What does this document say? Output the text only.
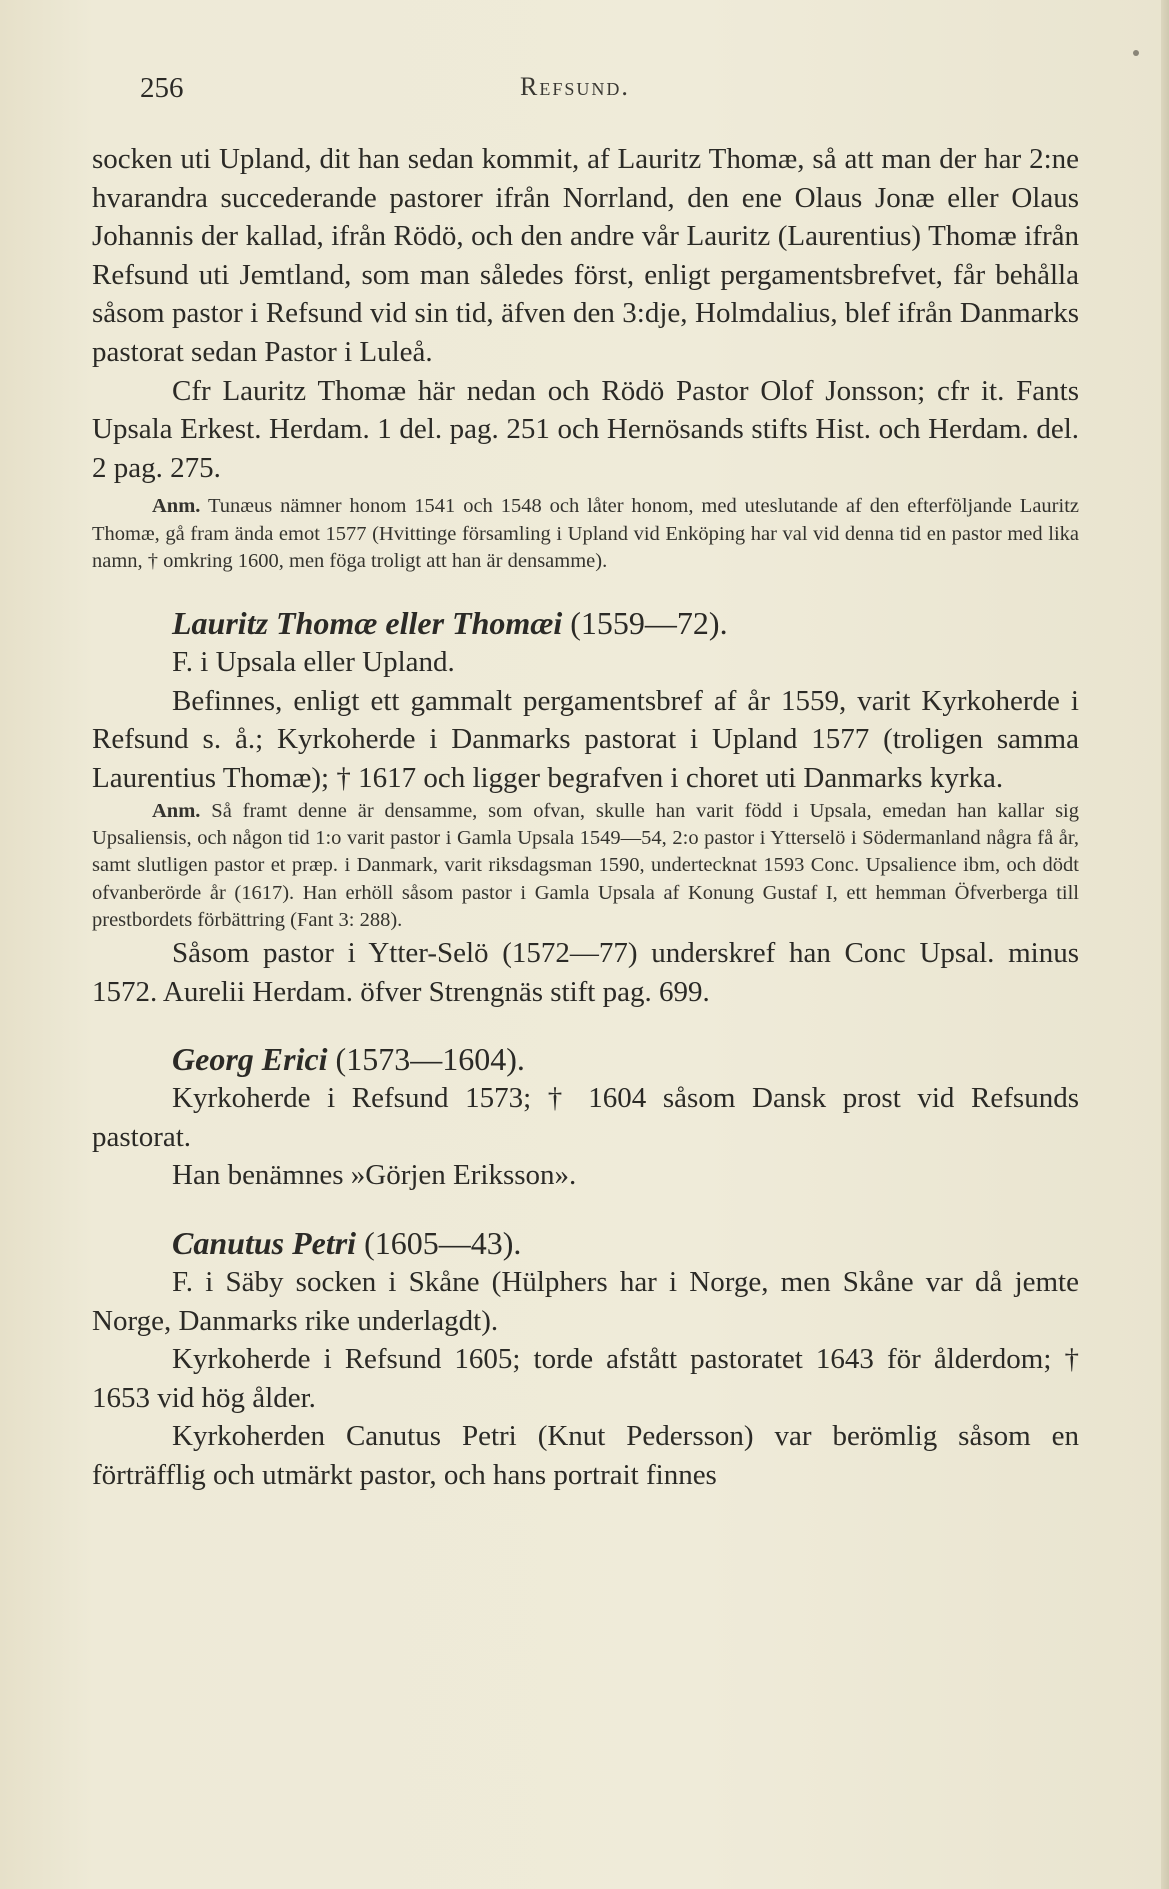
256	Refsund.

socken uti Upland, dit han sedan kommit, af Lauritz Thomæ, så att man der har 2:ne hvarandra succederande pastorer ifrån Norrland, den ene Olaus Jonæ eller Olaus Johannis der kallad, ifrån Rödö, och den andre vår Lauritz (Laurentius) Thomæ ifrån Refsund uti Jemtland, som man således först, enligt pergamentsbrefvet, får behålla såsom pastor i Refsund vid sin tid, äfven den 3:dje, Holmdalius, blef ifrån Danmarks pastorat sedan Pastor i Luleå.

Cfr Lauritz Thomæ här nedan och Rödö Pastor Olof Jonsson; cfr it. Fants Upsala Erkest. Herdam. 1 del. pag. 251 och Hernösands stifts Hist. och Herdam. del. 2 pag. 275.

Anm. Tunæus nämner honom 1541 och 1548 och låter honom, med uteslutande af den efterföljande Lauritz Thomæ, gå fram ända emot 1577 (Hvittinge församling i Upland vid Enköping har val vid denna tid en pastor med lika namn, † omkring 1600, men föga troligt att han är densamme).

Lauritz Thomæ eller Thomæi (1559—72).

F. i Upsala eller Upland.

Befinnes, enligt ett gammalt pergamentsbref af år 1559, varit Kyrkoherde i Refsund s. å.; Kyrkoherde i Danmarks pastorat i Upland 1577 (troligen samma Laurentius Thomæ); † 1617 och ligger begrafven i choret uti Danmarks kyrka.

Anm. Så framt denne är densamme, som ofvan, skulle han varit född i Upsala, emedan han kallar sig Upsaliensis, och någon tid 1:o varit pastor i Gamla Upsala 1549—54, 2:o pastor i Ytterselö i Södermanland några få år, samt slutligen pastor et præp. i Danmark, varit riksdagsman 1590, undertecknat 1593 Conc. Upsalience ibm, och dödt ofvanberörde år (1617). Han erhöll såsom pastor i Gamla Upsala af Konung Gustaf I, ett hemman Öfverberga till prestbordets förbättring (Fant 3: 288).

Såsom pastor i Ytter-Selö (1572—77) underskref han Conc Upsal. minus 1572. Aurelii Herdam. öfver Strengnäs stift pag. 699.

Georg Erici (1573—1604).

Kyrkoherde i Refsund 1573; † 1604 såsom Dansk prost vid Refsunds pastorat.

Han benämnes »Görjen Eriksson».

Canutus Petri (1605—43).

F. i Säby socken i Skåne (Hülphers har i Norge, men Skåne var då jemte Norge, Danmarks rike underlagdt).

Kyrkoherde i Refsund 1605; torde afstått pastoratet 1643 för ålderdom; † 1653 vid hög ålder.

Kyrkoherden Canutus Petri (Knut Pedersson) var berömlig såsom en förträfflig och utmärkt pastor, och hans portrait finnes
